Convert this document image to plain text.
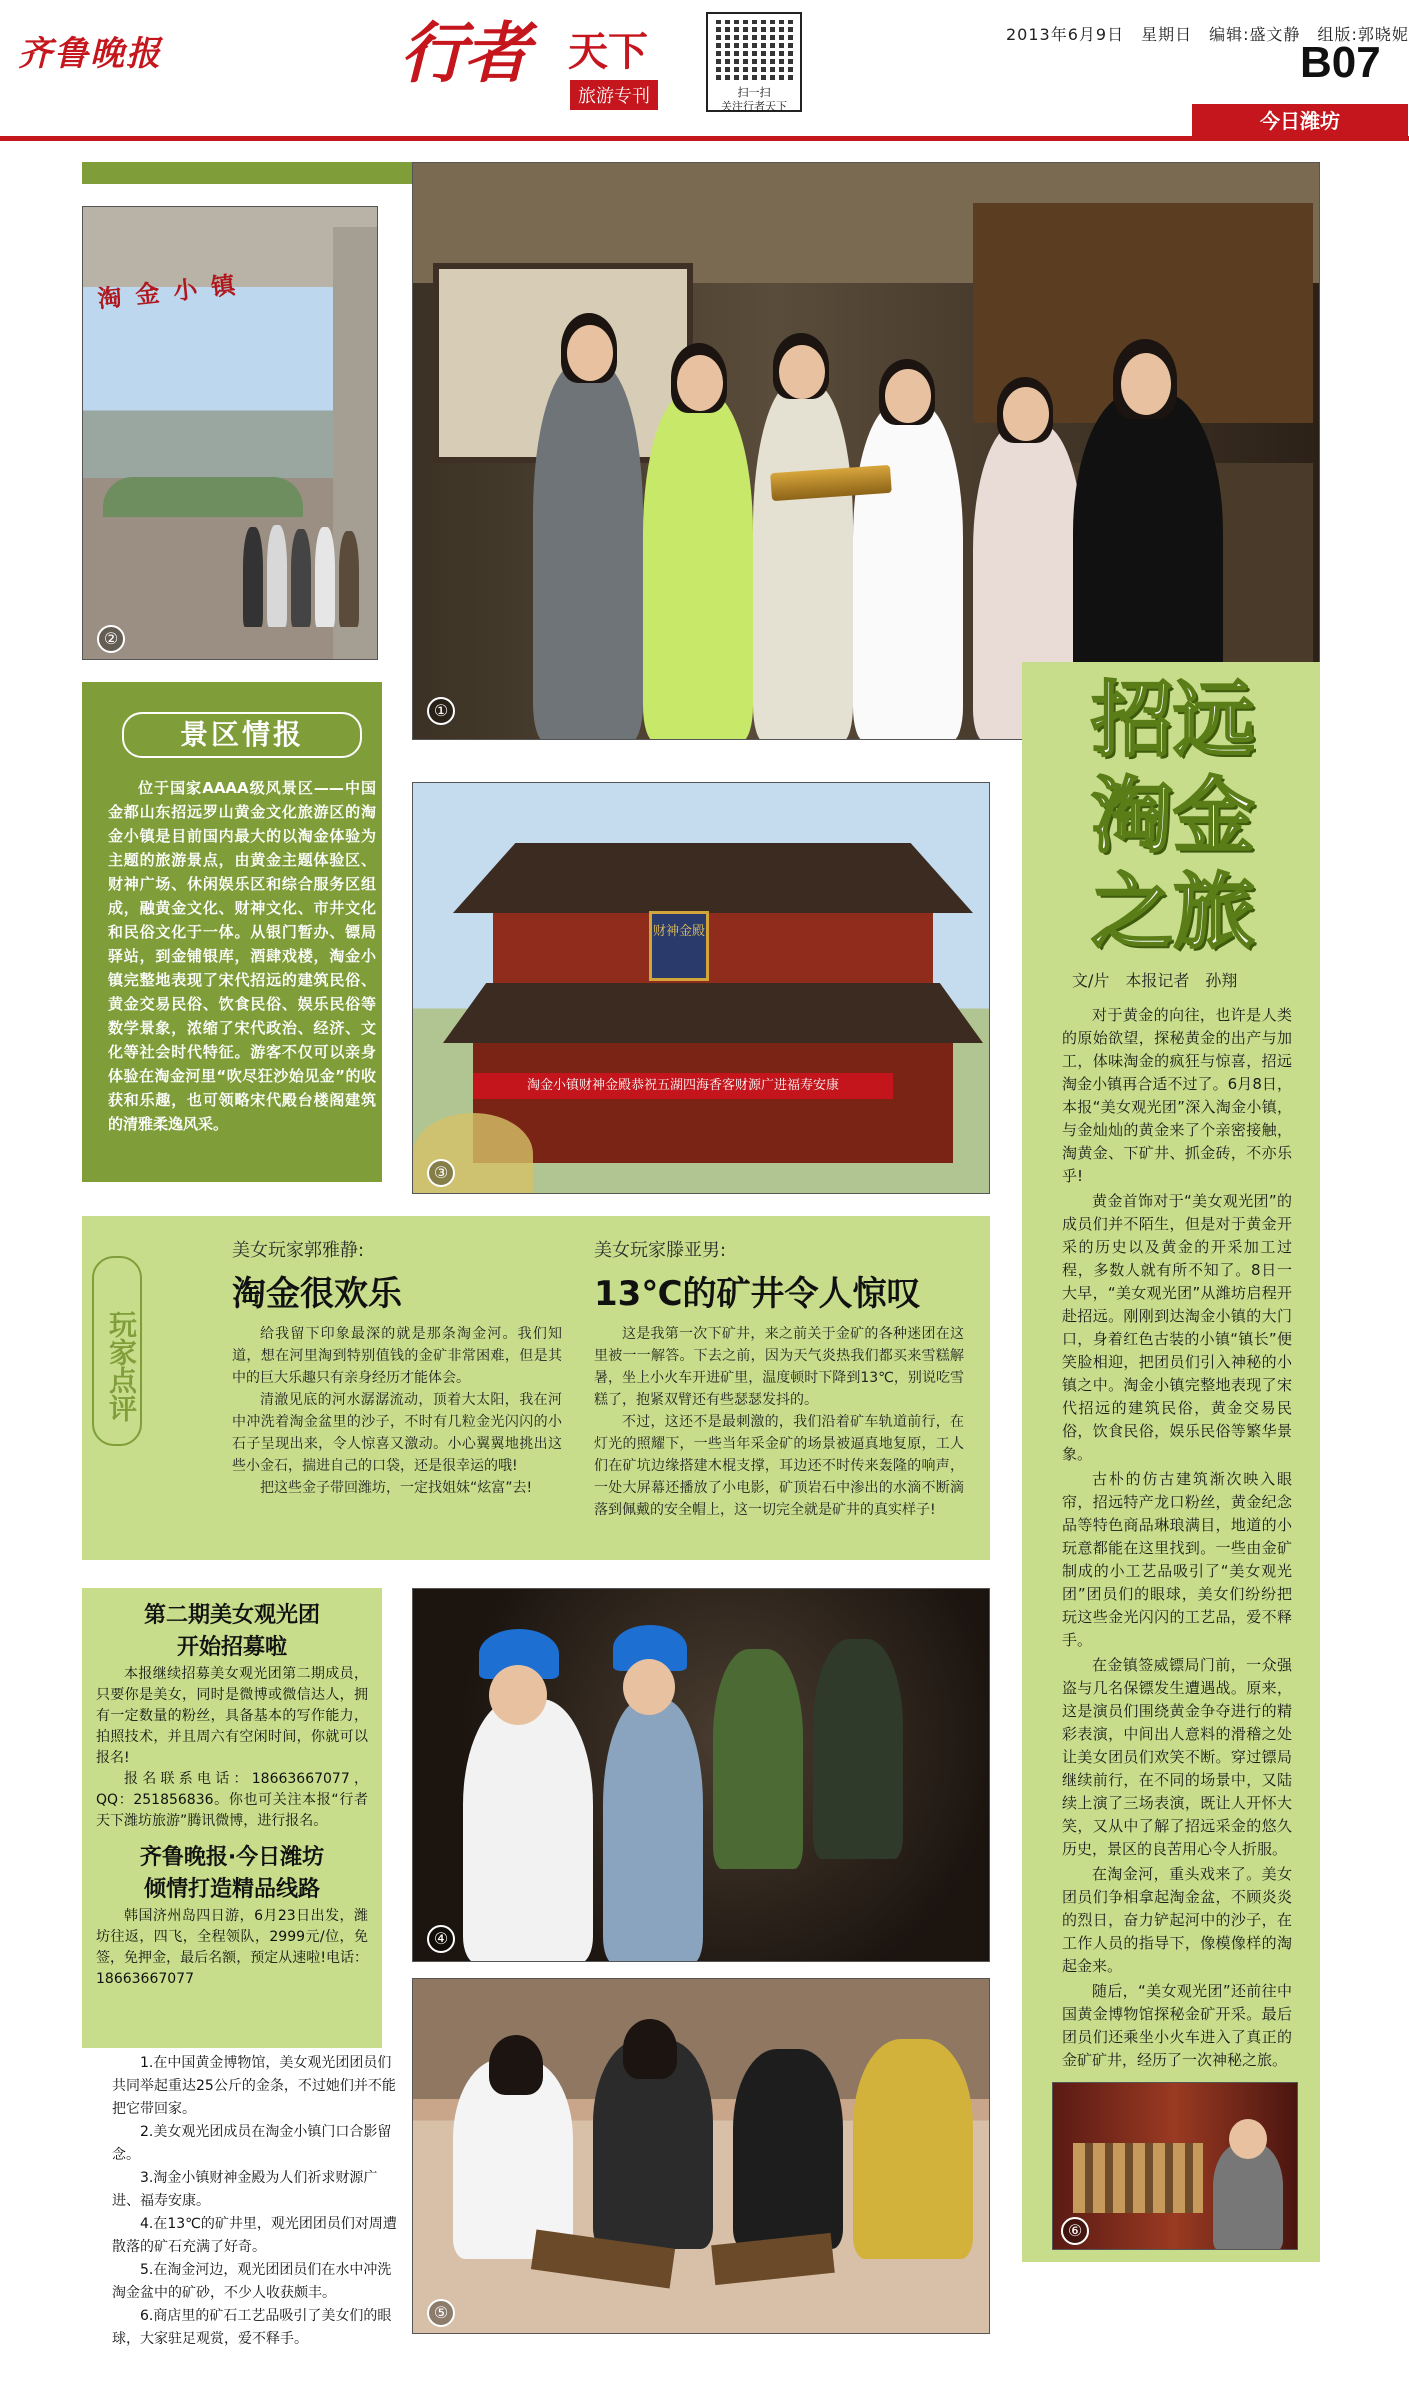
齐鲁晚报	行者 天下
旅游专刊	扫一扫
关注行者天下
2013年6月9日　星期日　编辑:盛文静　组版:郭晓妮
B07
今日潍坊
淘金小镇
②
①
景区情报
位于国家AAAA级风景区——中国金都山东招远罗山黄金文化旅游区的淘金小镇是目前国内最大的以淘金体验为主题的旅游景点，由黄金主题体验区、财神广场、休闲娱乐区和综合服务区组成，融黄金文化、财神文化、市井文化和民俗文化于一体。从银门暂办、镖局驿站，到金铺银库，酒肆戏楼，淘金小镇完整地表现了宋代招远的建筑民俗、黄金交易民俗、饮食民俗、娱乐民俗等数学景象，浓缩了宋代政治、经济、文化等社会时代特征。游客不仅可以亲身体验在淘金河里“吹尽狂沙始见金”的收获和乐趣，也可领略宋代殿台楼阁建筑的清雅柔逸风采。
财神金殿
淘金小镇财神金殿恭祝五湖四海香客财源广进福寿安康
③
招远
淘金
之旅
文/片　本报记者　孙翔

对于黄金的向往，也许是人类的原始欲望，探秘黄金的出产与加工，体味淘金的疯狂与惊喜，招远淘金小镇再合适不过了。6月8日，本报“美女观光团”深入淘金小镇，与金灿灿的黄金来了个亲密接触，淘黄金、下矿井、抓金砖，不亦乐乎!

黄金首饰对于“美女观光团”的成员们并不陌生，但是对于黄金开采的历史以及黄金的开采加工过程，多数人就有所不知了。8日一大早，“美女观光团”从潍坊启程开赴招远。刚刚到达淘金小镇的大门口，身着红色古装的小镇“镇长”便笑脸相迎，把团员们引入神秘的小镇之中。淘金小镇完整地表现了宋代招远的建筑民俗，黄金交易民俗，饮食民俗，娱乐民俗等繁华景象。

古朴的仿古建筑渐次映入眼帘，招远特产龙口粉丝，黄金纪念品等特色商品琳琅满目，地道的小玩意都能在这里找到。一些由金矿制成的小工艺品吸引了“美女观光团”团员们的眼球，美女们纷纷把玩这些金光闪闪的工艺品，爱不释手。

在金镇签威镖局门前，一众强盗与几名保镖发生遭遇战。原来，这是演员们围绕黄金争夺进行的精彩表演，中间出人意料的滑稽之处让美女团员们欢笑不断。穿过镖局继续前行，在不同的场景中，又陆续上演了三场表演，既让人开怀大笑，又从中了解了招远采金的悠久历史，景区的良苦用心令人折服。

在淘金河，重头戏来了。美女团员们争相拿起淘金盆，不顾炎炎的烈日，奋力铲起河中的沙子，在工作人员的指导下，像模像样的淘起金来。

随后，“美女观光团”还前往中国黄金博物馆探秘金矿开采。最后团员们还乘坐小火车进入了真正的金矿矿井，经历了一次神秘之旅。

玩家点评
美女玩家郭雅静:
淘金很欢乐

给我留下印象最深的就是那条淘金河。我们知道，想在河里淘到特别值钱的金矿非常困难，但是其中的巨大乐趣只有亲身经历才能体会。

清澈见底的河水潺潺流动，顶着大太阳，我在河中冲洗着淘金盆里的沙子，不时有几粒金光闪闪的小石子呈现出来，令人惊喜又激动。小心翼翼地挑出这些小金石，揣进自己的口袋，还是很幸运的哦!

把这些金子带回潍坊，一定找姐妹“炫富”去!

美女玩家滕亚男:
13℃的矿井令人惊叹

这是我第一次下矿井，来之前关于金矿的各种迷团在这里被一一解答。下去之前，因为天气炎热我们都买来雪糕解暑，坐上小火车开进矿里，温度顿时下降到13℃，别说吃雪糕了，抱紧双臂还有些瑟瑟发抖的。

不过，这还不是最刺激的，我们沿着矿车轨道前行，在灯光的照耀下，一些当年采金矿的场景被逼真地复原，工人们在矿坑边缘搭建木棍支撑，耳边还不时传来轰隆的响声，一处大屏幕还播放了小电影，矿顶岩石中渗出的水滴不断滴落到佩戴的安全帽上，这一切完全就是矿井的真实样子!

第二期美女观光团
开始招募啦

本报继续招募美女观光团第二期成员，只要你是美女，同时是微博或微信达人，拥有一定数量的粉丝，具备基本的写作能力，拍照技术，并且周六有空闲时间，你就可以报名!

报名联系电话：18663667077，QQ：251856836。你也可关注本报“行者天下潍坊旅游”腾讯微博，进行报名。

齐鲁晚报·今日潍坊
倾情打造精品线路

韩国济州岛四日游，6月23日出发，潍坊往返，四飞，全程领队，2999元/位，免签，免押金，最后名额，预定从速啦!电话：18663667077

④
⑤
⑥

1.在中国黄金博物馆，美女观光团团员们共同举起重达25公斤的金条，不过她们并不能把它带回家。

2.美女观光团成员在淘金小镇门口合影留念。

3.淘金小镇财神金殿为人们祈求财源广进、福寿安康。

4.在13℃的矿井里，观光团团员们对周遭散落的矿石充满了好奇。

5.在淘金河边，观光团团员们在水中冲洗淘金盆中的矿砂，不少人收获颇丰。

6.商店里的矿石工艺品吸引了美女们的眼球，大家驻足观赏，爱不释手。
